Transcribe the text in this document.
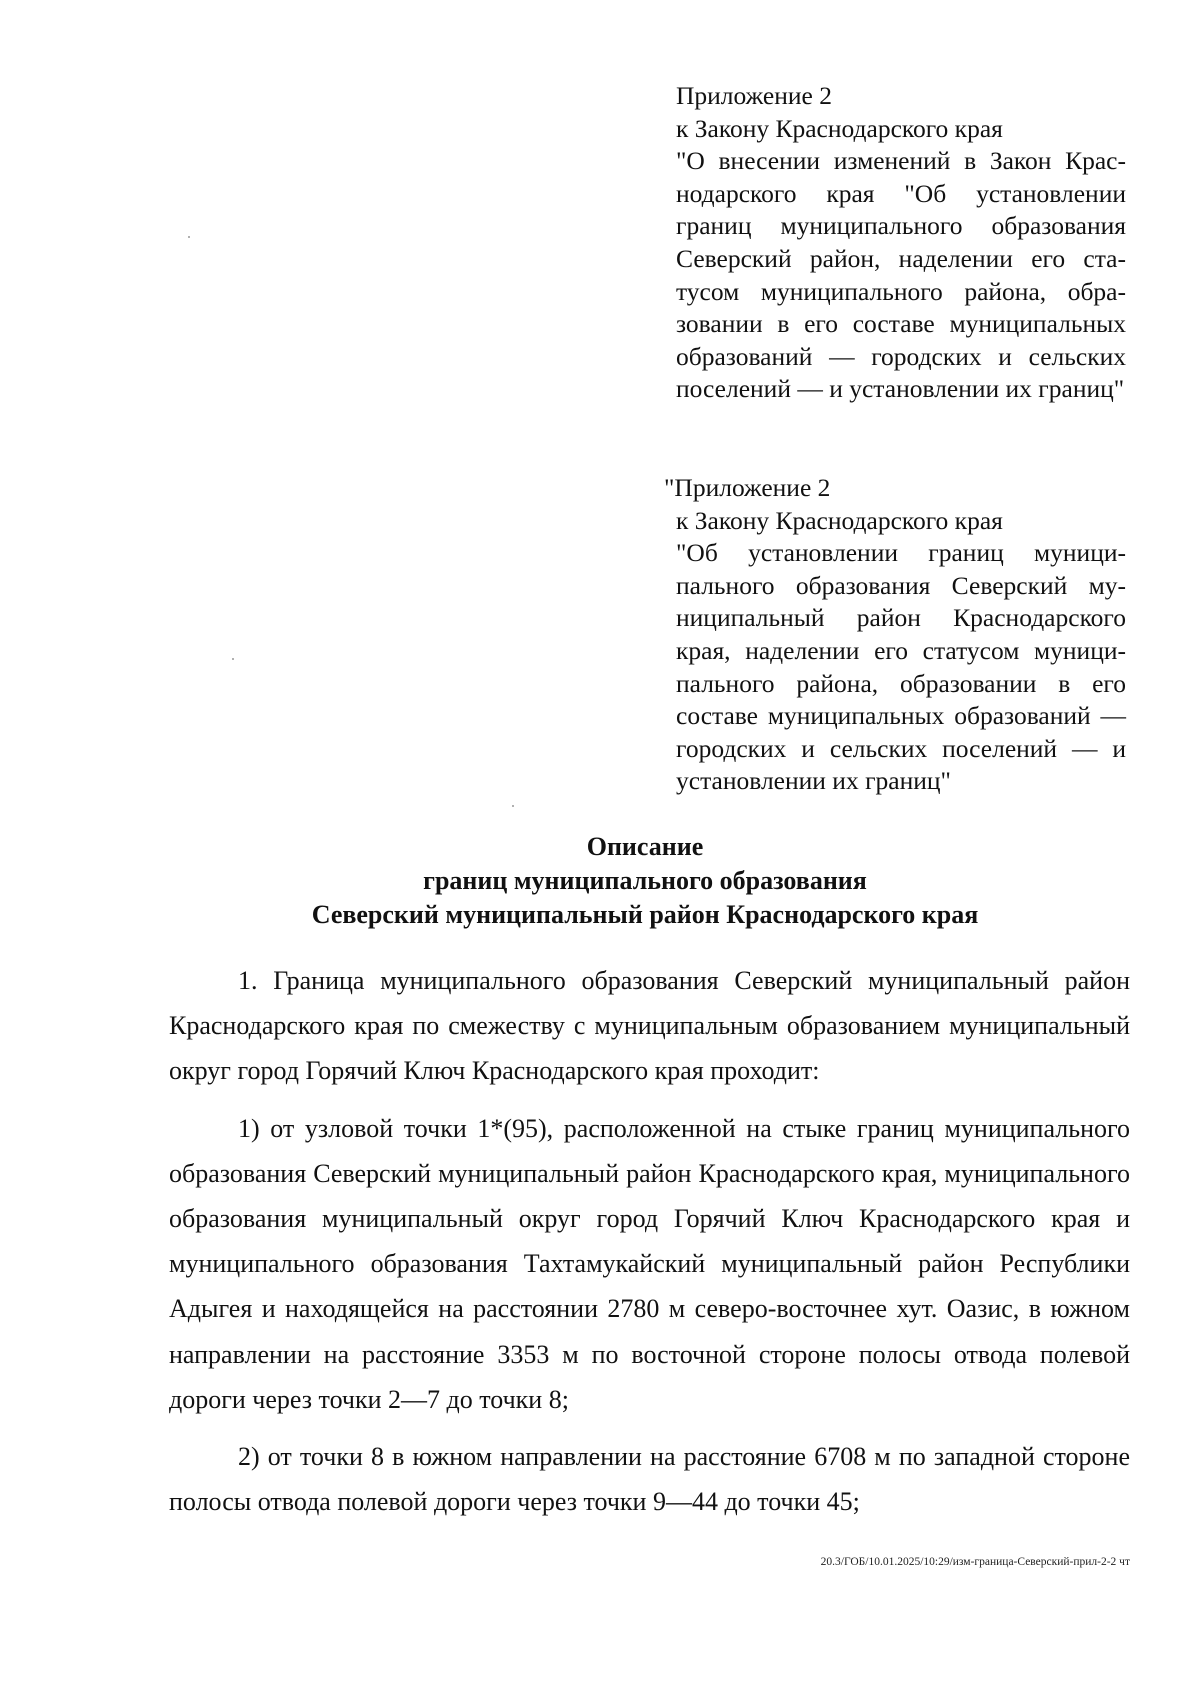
Приложение 2
к Закону Краснодарского края
"О внесении изменений в Закон Краснодарского края "Об установлении границ муниципального образования Северский район, наделении его статусом муниципального района, образовании в его составе муниципальных образований — городских и сельских поселений — и установлении их границ"
"Приложение 2
к Закону Краснодарского края
"Об установлении границ муниципального образования Северский муниципальный район Краснодарского края, наделении его статусом муниципального района, образовании в его составе муниципальных образований — городских и сельских поселений — и установлении их границ"
Описание
границ муниципального образования
Северский муниципальный район Краснодарского края

1. Граница муниципального образования Северский муниципальный район Краснодарского края по смежеству с муниципальным образованием муниципальный округ город Горячий Ключ Краснодарского края проходит:

1) от узловой точки 1*(95), расположенной на стыке границ муниципального образования Северский муниципальный район Краснодарского края, муниципального образования муниципальный округ город Горячий Ключ Краснодарского края и муниципального образования Тахтамукайский муниципальный район Республики Адыгея и находящейся на расстоянии 2780 м северо-восточнее хут. Оазис, в южном направлении на расстояние 3353 м по восточной стороне полосы отвода полевой дороги через точки 2—7 до точки 8;

2) от точки 8 в южном направлении на расстояние 6708 м по западной стороне полосы отвода полевой дороги через точки 9—44 до точки 45;

20.3/ГОБ/10.01.2025/10:29/изм-граница-Северский-прил-2-2 чт
